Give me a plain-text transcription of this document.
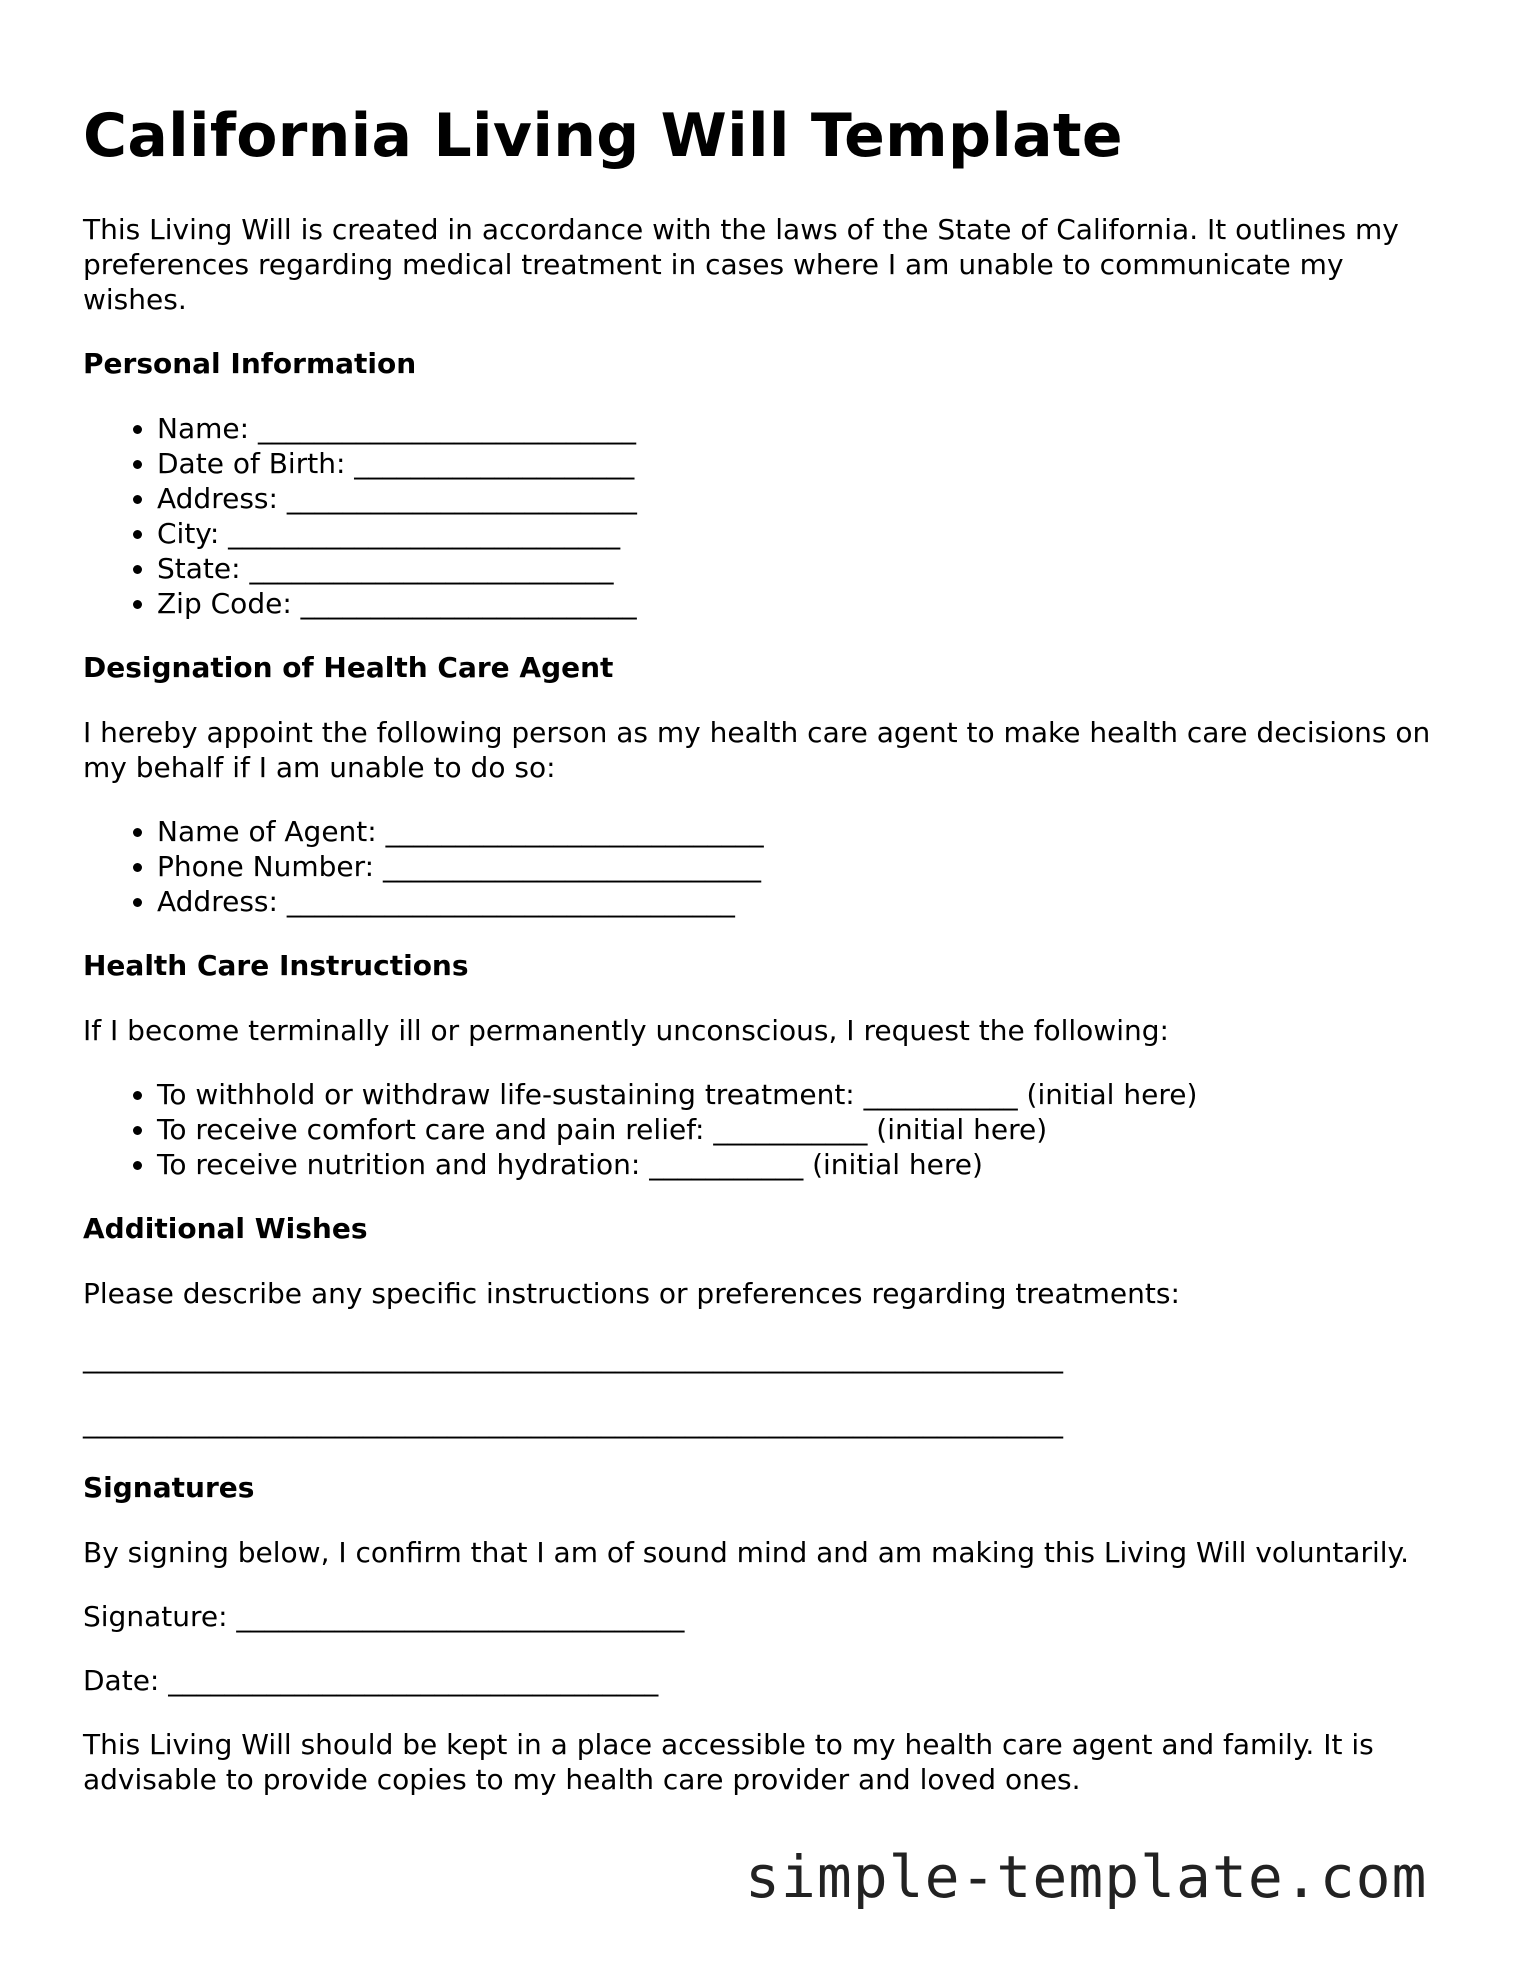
California Living Will Template

This Living Will is created in accordance with the laws of the State of California. It outlines my preferences regarding medical treatment in cases where I am unable to communicate my wishes.

Personal Information
• Name: ___________________________
• Date of Birth: ____________________
• Address: _________________________
• City: ____________________________
• State: __________________________
• Zip Code: ________________________
Designation of Health Care Agent

I hereby appoint the following person as my health care agent to make health care decisions on my behalf if I am unable to do so:

• Name of Agent: ___________________________
• Phone Number: ___________________________
• Address: ________________________________
Health Care Instructions

If I become terminally ill or permanently unconscious, I request the following:

• To withhold or withdraw life-sustaining treatment: ___________ (initial here)
• To receive comfort care and pain relief: ___________ (initial here)
• To receive nutrition and hydration: ___________ (initial here)
Additional Wishes

Please describe any specific instructions or preferences regarding treatments:

______________________________________________________________________
______________________________________________________________________
Signatures

By signing below, I confirm that I am of sound mind and am making this Living Will voluntarily.

Signature: ________________________________

Date: ___________________________________

This Living Will should be kept in a place accessible to my health care agent and family. It is advisable to provide copies to my health care provider and loved ones.

simple-template.com
